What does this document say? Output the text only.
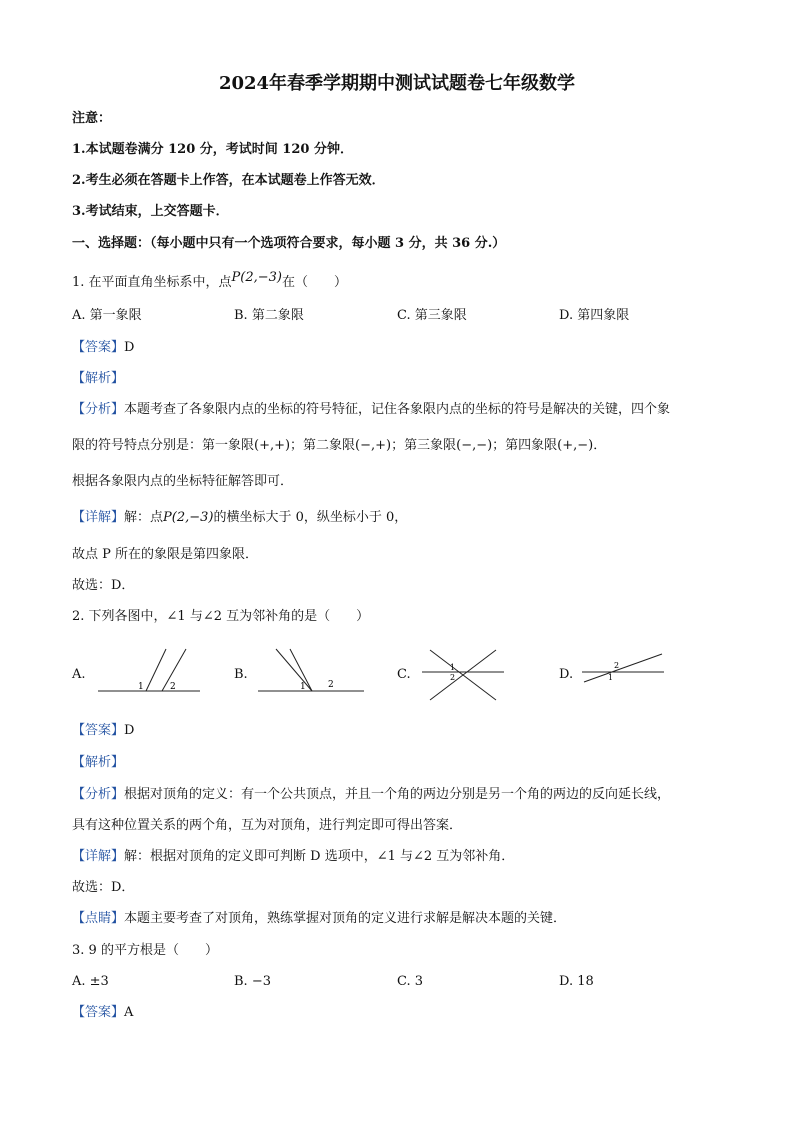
2024年春季学期期中测试试题卷七年级数学
注意：
1.本试题卷满分 120 分，考试时间 120 分钟．
2.考生必须在答题卡上作答，在本试题卷上作答无效．
3.考试结束，上交答题卡．
一、选择题：（每小题中只有一个选项符合要求，每小题 3 分，共 36 分.）
1. 在平面直角坐标系中，点P(2,−3)在（　　）
A. 第一象限	B. 第二象限	C. 第三象限	D. 第四象限
【答案】D
【解析】
【分析】本题考查了各象限内点的坐标的符号特征，记住各象限内点的坐标的符号是解决的关键，四个象
限的符号特点分别是：第一象限(+,+)；第二象限(−,+)；第三象限(−,−)；第四象限(+,−)．
根据各象限内点的坐标特征解答即可．
【详解】解：点P(2,−3)的横坐标大于 0，纵坐标小于 0，
故点 P 所在的象限是第四象限．
故选：D．
2. 下列各图中，∠1 与∠2 互为邻补角的是（　　）
A.
1	2
B.
1 2
C.	1
2	D.
2
1
【答案】D
【解析】
【分析】根据对顶角的定义：有一个公共顶点，并且一个角的两边分别是另一个角的两边的反向延长线，
具有这种位置关系的两个角，互为对顶角，进行判定即可得出答案．
【详解】解：根据对顶角的定义即可判断 D 选项中，∠1 与∠2 互为邻补角．
故选：D．
【点睛】本题主要考查了对顶角，熟练掌握对顶角的定义进行求解是解决本题的关键．
3. 9 的平方根是（　　）
A. ±3	B. −3	C. 3	D. 18
【答案】A
